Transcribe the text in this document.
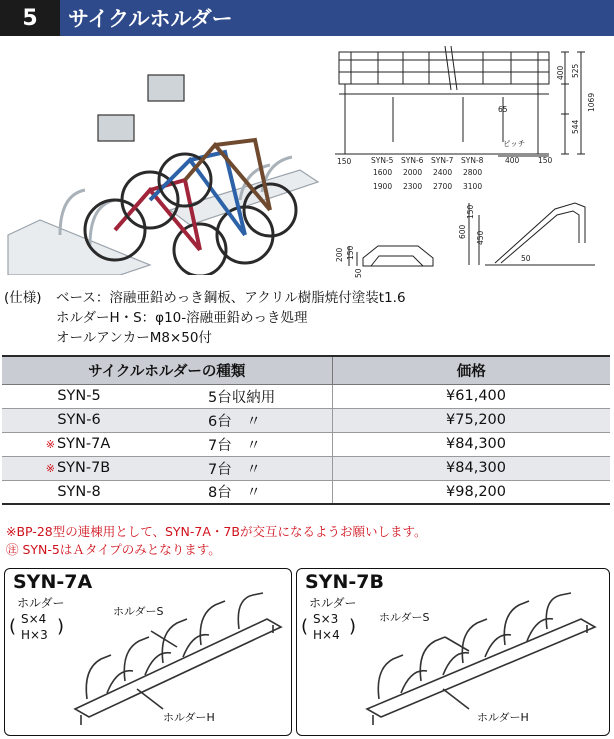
5	サイクルホルダー
150
65
ピッチ
400 150
400 525
1069
544
SYN-5 SYN-6 SYN-7 SYN-8
1600 2000 2400 2800
1900 2300 2700 3100
200 150
50
150
450
600
50
(仕様)	ベース：溶融亜鉛めっき鋼板、アクリル樹脂焼付塗装t1.6
ホルダーH・S：φ10-溶融亜鉛めっき処理
オールアンカーM8×50付
サイクルホルダーの種類		価格
SYN-5	5台収納用	¥61,400
SYN-6	6台　〃	¥75,200
※ SYN-7A	7台　〃	¥84,300
※ SYN-7B	7台　〃	¥84,300
SYN-8	8台　〃	¥98,200
※BP-28型の連棟用として、SYN-7A・7Bが交互になるようお願いします。
㊟ SYN-5はＡタイプのみとなります。
SYN-7A
ホルダー
( S×4
H×3 )
ホルダーS
ホルダーH
SYN-7B
ホルダー
( S×3
H×4 ) ホルダーS
ホルダーH
